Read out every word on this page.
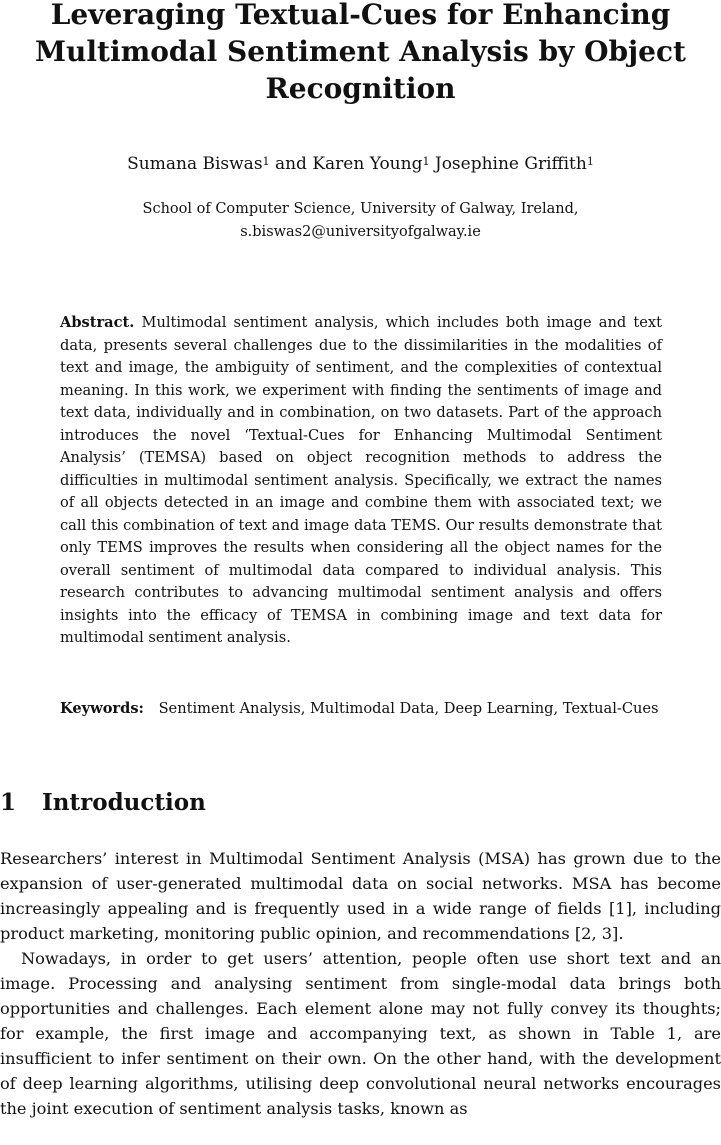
Leveraging Textual-Cues for Enhancing Multimodal Sentiment Analysis by Object Recognition
Sumana Biswas$^1$ and Karen Young$^1$ Josephine Griffith$^1$
School of Computer Science, University of Galway, Ireland,
s.biswas2@universityofgalway.ie

Abstract. Multimodal sentiment analysis, which includes both image and text data, presents several challenges due to the dissimilarities in the modalities of text and image, the ambiguity of sentiment, and the complexities of contextual meaning. In this work, we experiment with finding the sentiments of image and text data, individually and in combination, on two datasets. Part of the approach introduces the novel ‘Textual-Cues for Enhancing Multimodal Sentiment Analysis’ (TEMSA) based on object recognition methods to address the difficulties in multimodal sentiment analysis. Specifically, we extract the names of all objects detected in an image and combine them with associated text; we call this combination of text and image data TEMS. Our results demonstrate that only TEMS improves the results when considering all the object names for the overall sentiment of multimodal data compared to individual analysis. This research contributes to advancing multimodal sentiment analysis and offers insights into the efficacy of TEMSA in combining image and text data for multimodal sentiment analysis.

Keywords: Sentiment Analysis, Multimodal Data, Deep Learning, Textual-Cues

1 Introduction

Researchers’ interest in Multimodal Sentiment Analysis (MSA) has grown due to the expansion of user-generated multimodal data on social networks. MSA has become increasingly appealing and is frequently used in a wide range of fields [1], including product marketing, monitoring public opinion, and recommendations [2, 3].

Nowadays, in order to get users’ attention, people often use short text and an image. Processing and analysing sentiment from single-modal data brings both opportunities and challenges. Each element alone may not fully convey its thoughts; for example, the first image and accompanying text, as shown in Table 1, are insufficient to infer sentiment on their own. On the other hand, with the development of deep learning algorithms, utilising deep convolutional neural networks encourages the joint execution of sentiment analysis tasks, known as
